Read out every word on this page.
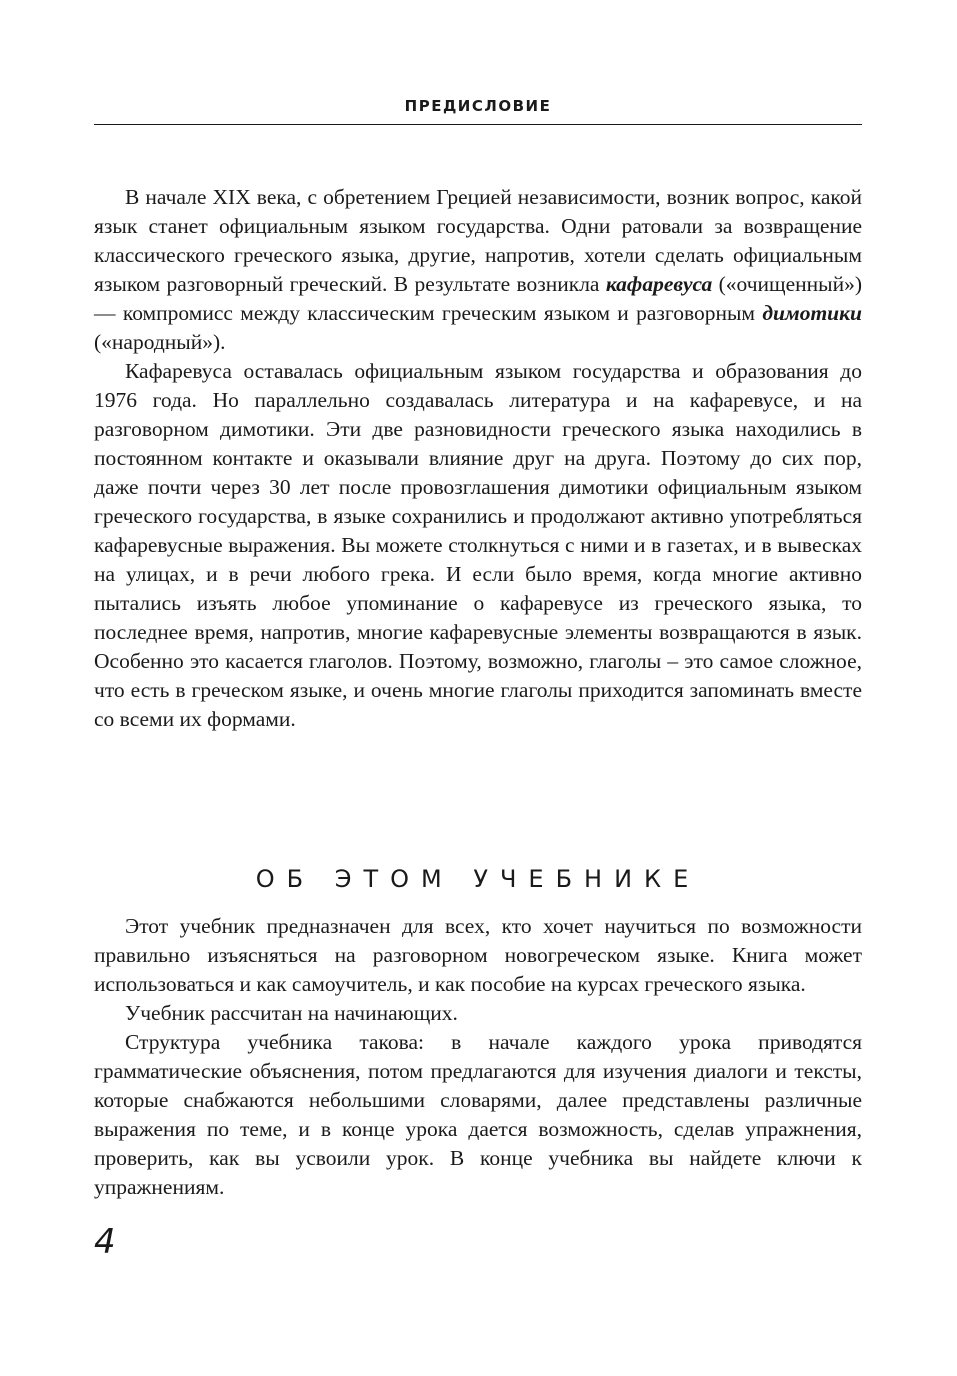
ПРЕДИСЛОВИЕ

В начале XIX века, с обретением Грецией независимости, возник вопрос, какой язык станет официальным языком государства. Одни ратовали за возвращение классического греческого языка, другие, напротив, хотели сделать официальным языком разговорный греческий. В результате возникла кафаревуса («очищенный») — компромисс между классическим греческим языком и разговорным димотики («народный»).

Кафаревуса оставалась официальным языком государства и образования до 1976 года. Но параллельно создавалась литература и на кафаревусе, и на разговорном димотики. Эти две разновидности греческого языка находились в постоянном контакте и оказывали влияние друг на друга. Поэтому до сих пор, даже почти через 30 лет после провозглашения димотики официальным языком греческого государства, в языке сохранились и продолжают активно употребляться кафаревусные выражения. Вы можете столкнуться с ними и в газетах, и в вывесках на улицах, и в речи любого грека. И если было время, когда многие активно пытались изъять любое упоминание о кафаревусе из греческого языка, то последнее время, напротив, многие кафаревусные элементы возвращаются в язык. Особенно это касается глаголов. Поэтому, возможно, глаголы – это самое сложное, что есть в греческом языке, и очень многие глаголы приходится запоминать вместе со всеми их формами.

ОБ ЭТОМ УЧЕБНИКЕ

Этот учебник предназначен для всех, кто хочет научиться по возможности правильно изъясняться на разговорном новогреческом языке. Книга может использоваться и как самоучитель, и как пособие на курсах греческого языка.

Учебник рассчитан на начинающих.

Структура учебника такова: в начале каждого урока приводятся грамматические объяснения, потом предлагаются для изучения диалоги и тексты, которые снабжаются небольшими словарями, далее представлены различные выражения по теме, и в конце урока дается возможность, сделав упражнения, проверить, как вы усвоили урок. В конце учебника вы найдете ключи к упражнениям.

4
